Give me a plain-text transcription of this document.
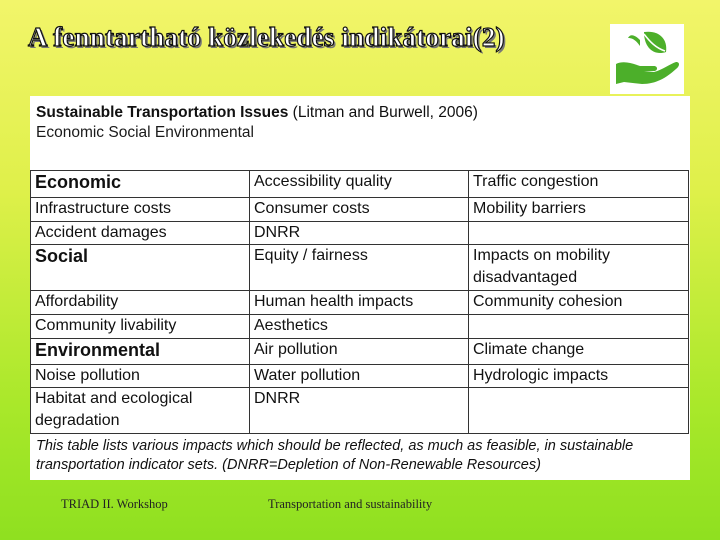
A fenntartható közlekedés indikátorai(2)
Sustainable Transportation Issues (Litman and Burwell, 2006)
Economic Social Environmental
Economic	Accessibility quality	Traffic congestion
Infrastructure costs	Consumer costs	Mobility barriers
Accident damages	DNRR	
Social	Equity / fairness	Impacts on mobility disadvantaged
Affordability	Human health impacts	Community cohesion
Community livability	Aesthetics	
Environmental	Air pollution	Climate change
Noise pollution	Water pollution	Hydrologic impacts
Habitat and ecological degradation	DNRR	
This table lists various impacts which should be reflected, as much as feasible, in sustainable transportation indicator sets. (DNRR=Depletion of Non-Renewable Resources)
TRIAD II. Workshop	Transportation and sustainability
